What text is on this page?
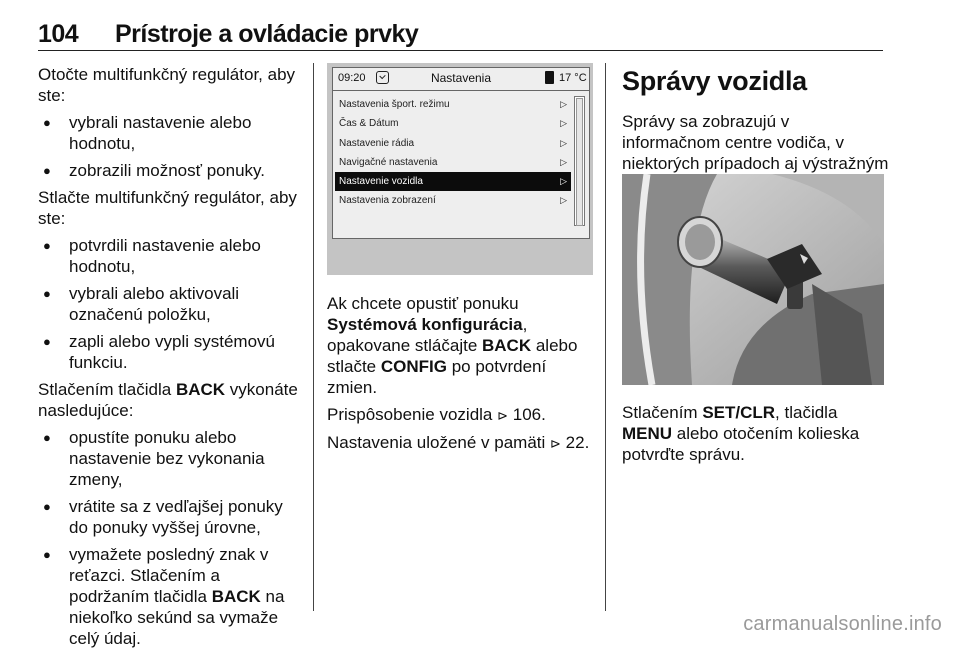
104 Prístroje a ovládacie prvky

Otočte multifunkčný regulátor, aby ste:

● vybrali nastavenie alebo hodnotu,
● zobrazili možnosť ponuky.

Stlačte multifunkčný regulátor, aby ste:

● potvrdili nastavenie alebo hodnotu,
● vybrali alebo aktivovali označenú položku,
● zapli alebo vypli systémovú funkciu.

Stlačením tlačidla BACK vykonáte nasledujúce:

● opustíte ponuku alebo nastavenie bez vykonania zmeny,
● vrátite sa z vedľajšej ponuky do ponuky vyššej úrovne,
● vymažete posledný znak v reťazci. Stlačením a podržaním tlačidla BACK na niekoľko sekúnd sa vymaže celý údaj.
09:20	Nastavenia	17 °C
Nastavenia šport. režimu	▷
Čas & Dátum	▷
Nastavenie rádia	▷
Navigačné nastavenia	▷
Nastavenie vozidla	▷
Nastavenia zobrazení	▷

Ak chcete opustiť ponuku Systémová konfigurácia, opakovane stláčajte BACK alebo stlačte CONFIG po potvrdení zmien.

Prispôsobenie vozidla ⊳ 106.

Nastavenia uložené v pamäti ⊳ 22.

Správy vozidla

Správy sa zobrazujú v informačnom centre vodiča, v niektorých prípadoch aj výstražným

Stlačením SET/CLR, tlačidla MENU alebo otočením kolieska potvrďte správu.

carmanualsonline.info
